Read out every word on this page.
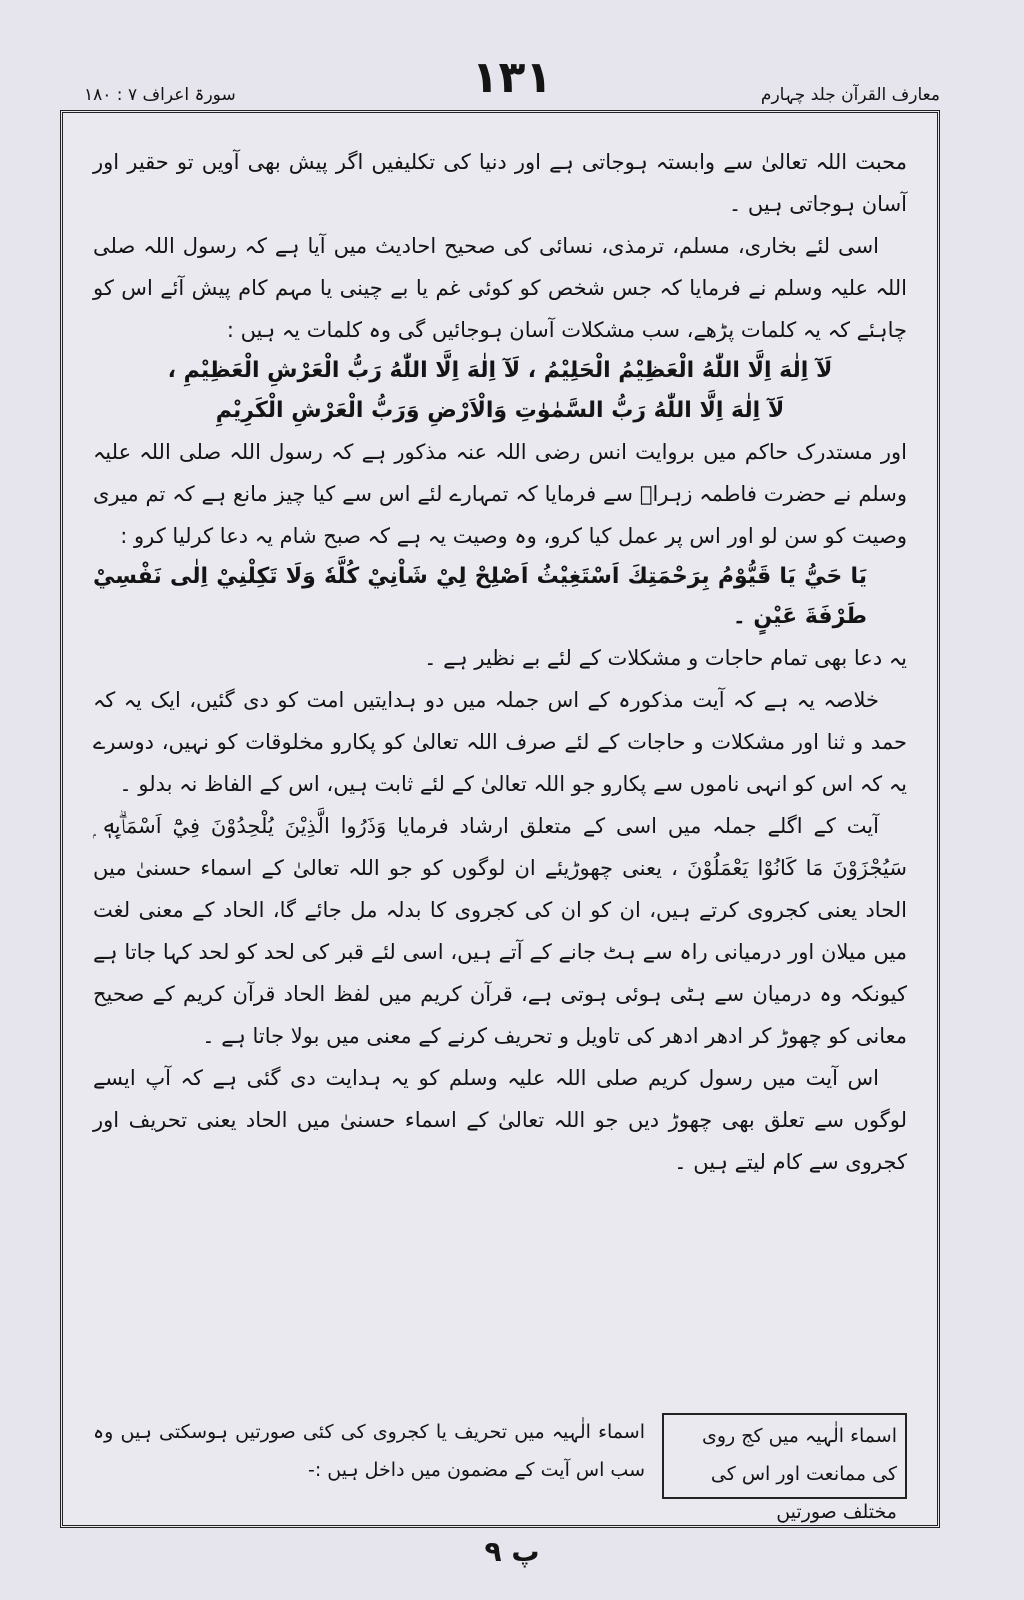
سورۃ اعراف ۷ : ۱۸۰	۱۳۱	معارف القرآن جلد چہارم

محبت اللہ تعالیٰ سے وابستہ ہوجاتی ہے اور دنیا کی تکلیفیں اگر پیش بھی آویں تو حقیر اور آسان ہوجاتی ہیں ۔

اسی لئے بخاری، مسلم، ترمذی، نسائی کی صحیح احادیث میں آیا ہے کہ رسول اللہ صلی اللہ علیہ وسلم نے فرمایا کہ جس شخص کو کوئی غم یا بے چینی یا مہم کام پیش آئے اس کو چاہئے کہ یہ کلمات پڑھے، سب مشکلات آسان ہوجائیں گی وہ کلمات یہ ہیں :

لَآ اِلٰهَ اِلَّا اللّٰهُ الْعَظِيْمُ الْحَلِيْمُ ، لَآ اِلٰهَ اِلَّا اللّٰهُ رَبُّ الْعَرْشِ الْعَظِيْمِ ،

لَآ اِلٰهَ اِلَّا اللّٰهُ رَبُّ السَّمٰوٰتِ وَالْاَرْضِ وَرَبُّ الْعَرْشِ الْكَرِيْمِ

اور مستدرک حاکم میں بروایت انس رضی اللہ عنہ مذکور ہے کہ رسول اللہ صلی اللہ علیہ وسلم نے حضرت فاطمہ زہراؓ سے فرمایا کہ تمہارے لئے اس سے کیا چیز مانع ہے کہ تم میری وصیت کو سن لو اور اس پر عمل کیا کرو، وہ وصیت یہ ہے کہ صبح شام یہ دعا کرلیا کرو :

يَا حَيُّ يَا قَيُّوْمُ بِرَحْمَتِكَ اَسْتَغِيْثُ اَصْلِحْ لِيْ شَاْنِيْ كُلَّهٗ وَلَا تَكِلْنِيْ اِلٰى نَفْسِيْ طَرْفَةَ عَيْنٍ ۔

یہ دعا بھی تمام حاجات و مشکلات کے لئے بے نظیر ہے ۔

خلاصہ یہ ہے کہ آیت مذکورہ کے اس جملہ میں دو ہدایتیں امت کو دی گئیں، ایک یہ کہ حمد و ثنا اور مشکلات و حاجات کے لئے صرف اللہ تعالیٰ کو پکارو مخلوقات کو نہیں، دوسرے یہ کہ اس کو انہی ناموں سے پکارو جو اللہ تعالیٰ کے لئے ثابت ہیں، اس کے الفاظ نہ بدلو ۔

آیت کے اگلے جملہ میں اسی کے متعلق ارشاد فرمایا وَذَرُوا الَّذِيْنَ يُلْحِدُوْنَ فِيْٓ اَسْمَاۗىِٕهٖ ۭ سَيُجْزَوْنَ مَا كَانُوْا يَعْمَلُوْنَ ، یعنی چھوڑیئے ان لوگوں کو جو اللہ تعالیٰ کے اسماء حسنیٰ میں الحاد یعنی کجروی کرتے ہیں، ان کو ان کی کجروی کا بدلہ مل جائے گا، الحاد کے معنی لغت میں میلان اور درمیانی راہ سے ہٹ جانے کے آتے ہیں، اسی لئے قبر کی لحد کو لحد کہا جاتا ہے کیونکہ وہ درمیان سے ہٹی ہوئی ہوتی ہے، قرآن کریم میں لفظ الحاد قرآن کریم کے صحیح معانی کو چھوڑ کر ادھر ادھر کی تاویل و تحریف کرنے کے معنی میں بولا جاتا ہے ۔

اس آیت میں رسول کریم صلی اللہ علیہ وسلم کو یہ ہدایت دی گئی ہے کہ آپ ایسے لوگوں سے تعلق بھی چھوڑ دیں جو اللہ تعالیٰ کے اسماء حسنیٰ میں الحاد یعنی تحریف اور کجروی سے کام لیتے ہیں ۔

اسماء الٰہیہ میں کج روی کی ممانعت اور اس کی مختلف صورتیں
اسماء الٰہیہ میں تحریف یا کجروی کی کئی صورتیں ہوسکتی ہیں وہ سب اس آیت کے مضمون میں داخل ہیں :-
پ ۹
